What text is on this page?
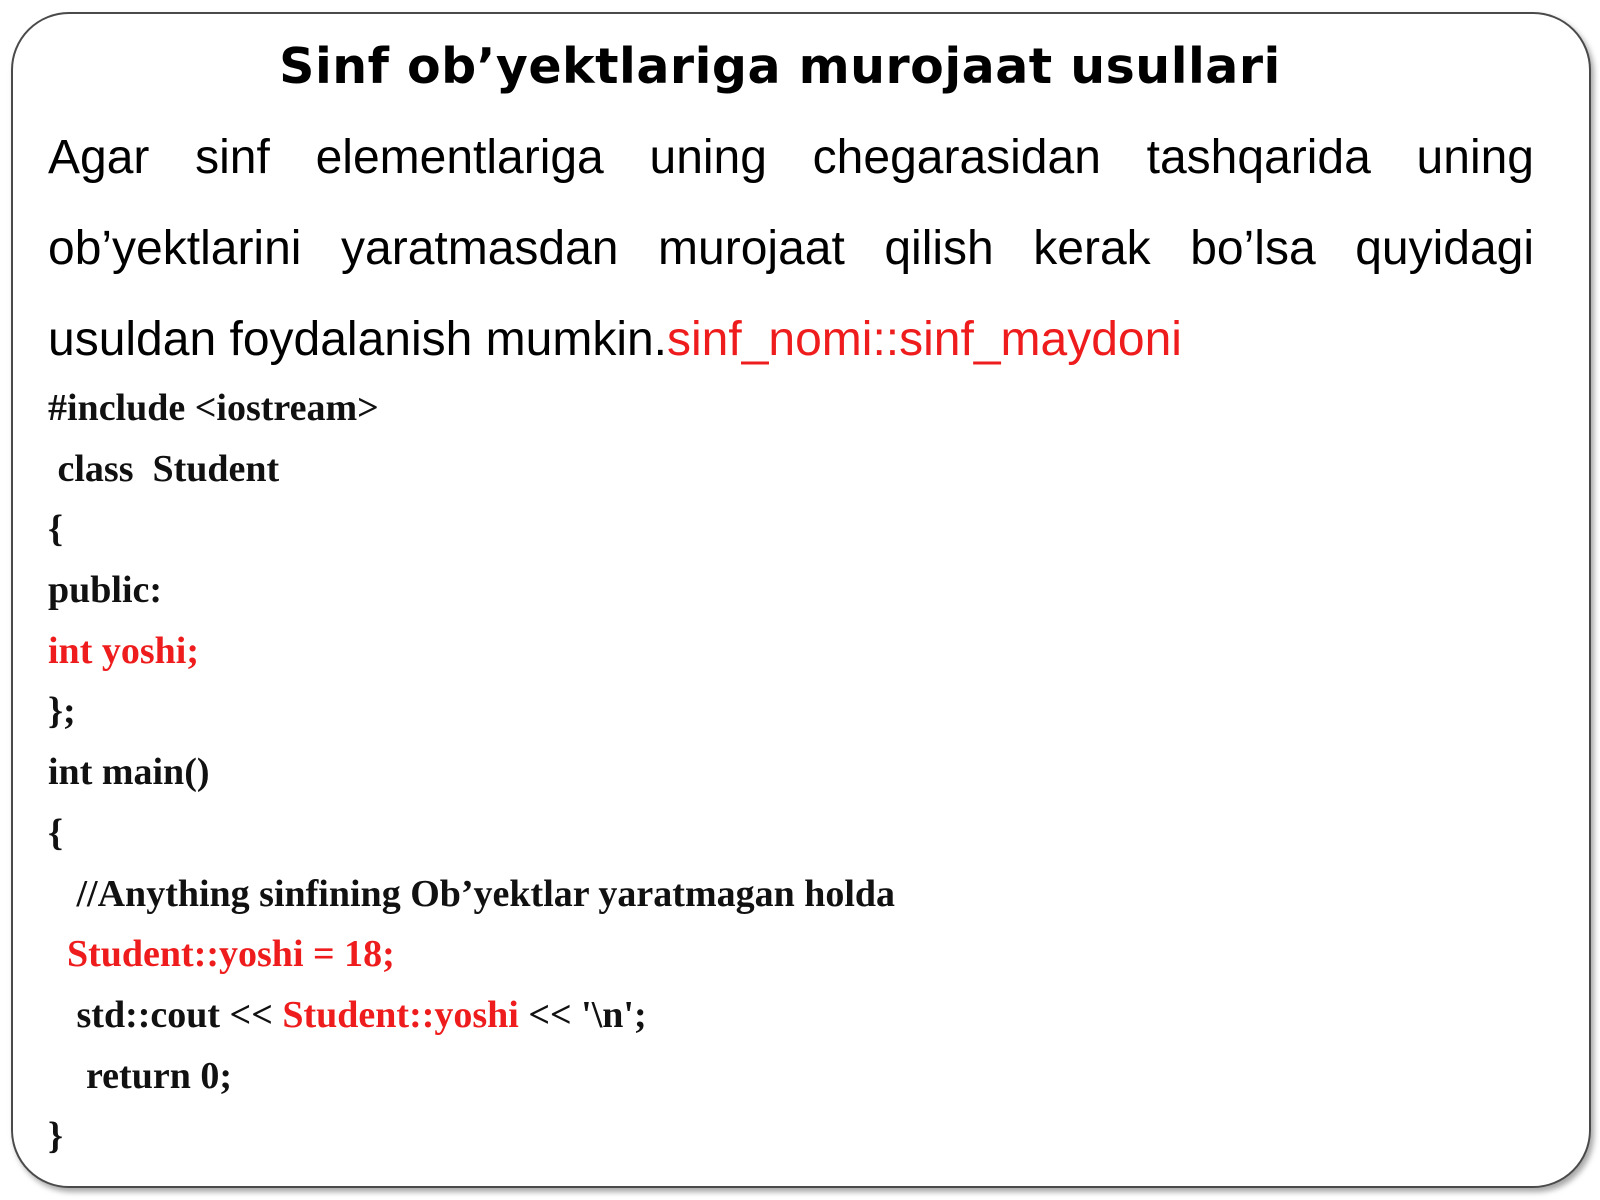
Sinf ob’yektlariga murojaat usullari
Agar sinf elementlariga uning chegarasidan tashqarida uning
ob’yektlarini yaratmasdan murojaat qilish kerak bo’lsa quyidagi
usuldan foydalanish mumkin.sinf_nomi::sinf_maydoni
#include <iostream>
class  Student
{
public:
int yoshi;
};
int main()
{
//Anything sinfining Ob’yektlar yaratmagan holda
Student::yoshi = 18;
std::cout << Student::yoshi << '\n';
return 0;
}
